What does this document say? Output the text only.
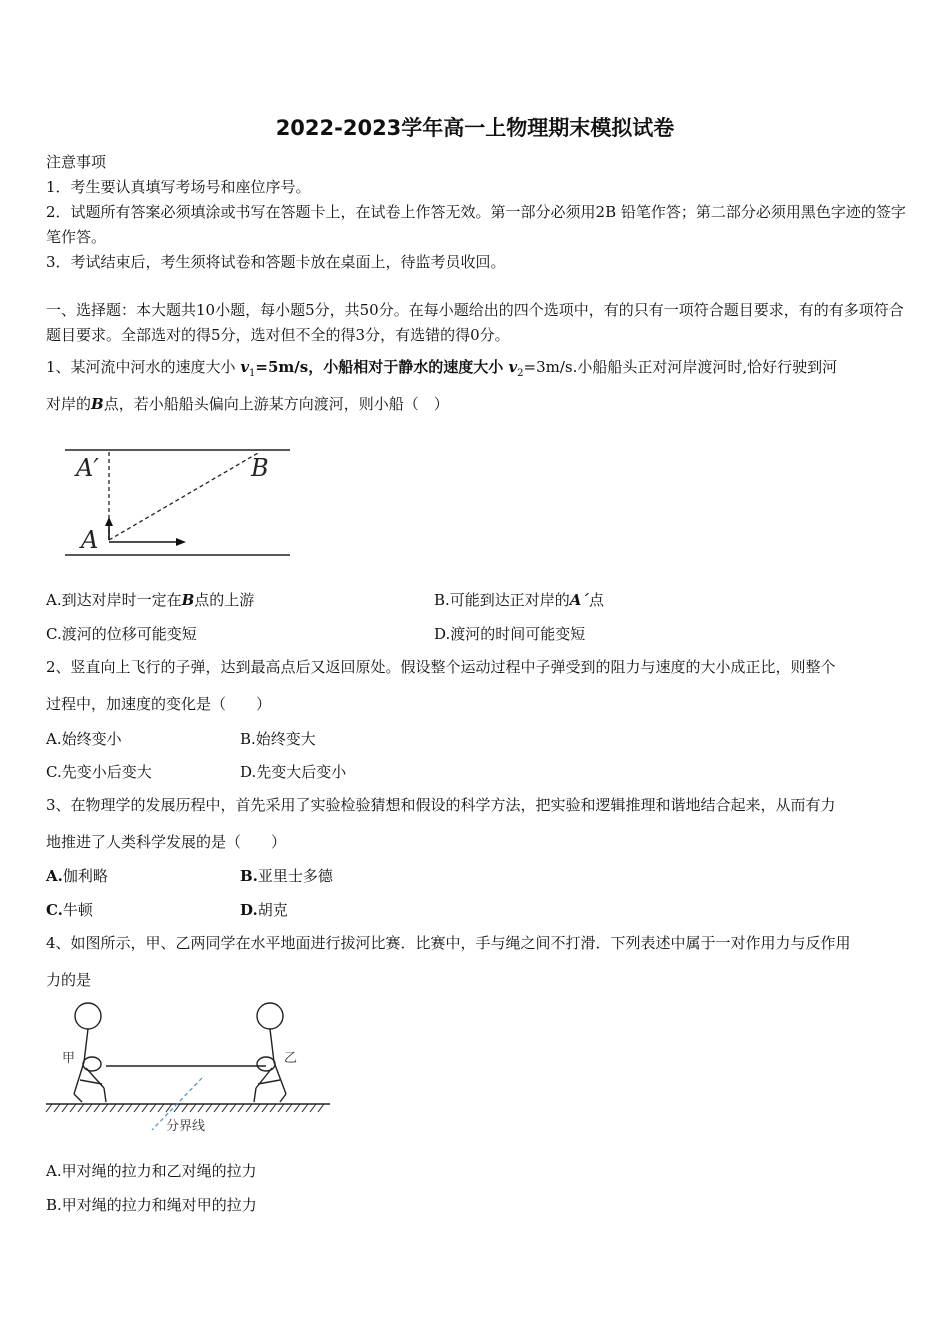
2022-2023学年高一上物理期末模拟试卷
注意事项
1．考生要认真填写考场号和座位序号。
2．试题所有答案必须填涂或书写在答题卡上，在试卷上作答无效。第一部分必须用2B 铅笔作答；第二部分必须用黑色字迹的签字笔作答。
3．考试结束后，考生须将试卷和答题卡放在桌面上，待监考员收回。
一、选择题：本大题共10小题，每小题5分，共50分。在每小题给出的四个选项中，有的只有一项符合题目要求，有的有多项符合题目要求。全部选对的得5分，选对但不全的得3分，有选错的得0分。
1、某河流中河水的速度大小 $v_1=5m/s$，小船相对于静水的速度大小 $v_2=3m/s$.小船船头正对河岸渡河时,恰好行驶到河
对岸的B点，若小船船头偏向上游某方向渡河，则小船（　）
A′	B
A
A.到达对岸时一定在B点的上游	B.可能到达正对岸的A´点
C.渡河的位移可能变短	D.渡河的时间可能变短
2、竖直向上飞行的子弹，达到最高点后又返回原处。假设整个运动过程中子弹受到的阻力与速度的大小成正比，则整个
过程中，加速度的变化是（　　）
A.始终变小	B.始终变大
C.先变小后变大	D.先变大后变小
3、在物理学的发展历程中，首先采用了实验检验猜想和假设的科学方法，把实验和逻辑推理和谐地结合起来，从而有力
地推进了人类科学发展的是（　　）
A.伽利略	B.亚里士多德
C.牛顿	D.胡克
4、如图所示，甲、乙两同学在水平地面进行拔河比赛．比赛中，手与绳之间不打滑．下列表述中属于一对作用力与反作用
力的是
甲	乙
分界线
A.甲对绳的拉力和乙对绳的拉力
B.甲对绳的拉力和绳对甲的拉力
